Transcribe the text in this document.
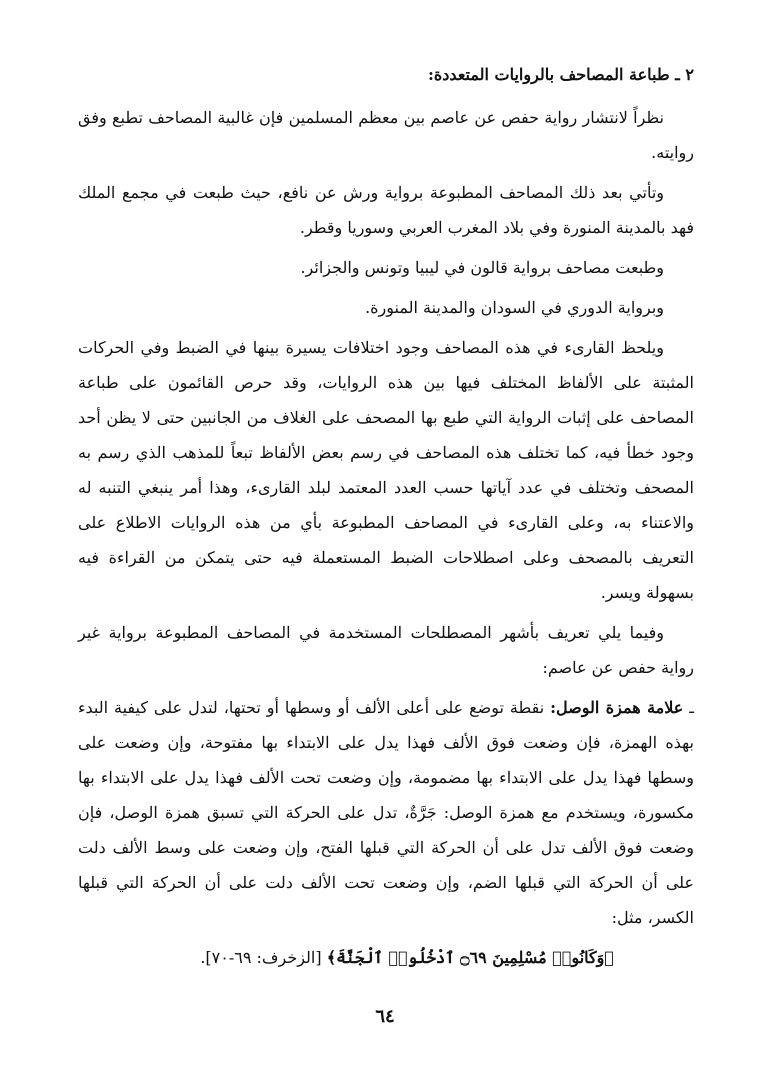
٢ ـ طباعة المصاحف بالروايات المتعددة:

نظراً لانتشار رواية حفص عن عاصم بين معظم المسلمين فإن غالبية المصاحف تطبع وفق روايته.

وتأتي بعد ذلك المصاحف المطبوعة برواية ورش عن نافع، حيث طبعت في مجمع الملك فهد بالمدينة المنورة وفي بلاد المغرب العربي وسوريا وقطر.

وطبعت مصاحف برواية قالون في ليبيا وتونس والجزائر.

وبرواية الدوري في السودان والمدينة المنورة.

ويلحظ القارىء في هذه المصاحف وجود اختلافات يسيرة بينها في الضبط وفي الحركات المثبتة على الألفاظ المختلف فيها بين هذه الروايات، وقد حرص القائمون على طباعة المصاحف على إثبات الرواية التي طبع بها المصحف على الغلاف من الجانبين حتى لا يظن أحد وجود خطأ فيه، كما تختلف هذه المصاحف في رسم بعض الألفاظ تبعاً للمذهب الذي رسم به المصحف وتختلف في عدد آياتها حسب العدد المعتمد لبلد القارىء، وهذا أمر ينبغي التنبه له والاعتناء به، وعلى القارىء في المصاحف المطبوعة بأي من هذه الروايات الاطلاع على التعريف بالمصحف وعلى اصطلاحات الضبط المستعملة فيه حتى يتمكن من القراءة فيه بسهولة ويسر.

وفيما يلي تعريف بأشهر المصطلحات المستخدمة في المصاحف المطبوعة برواية غير رواية حفص عن عاصم:

ـ علامة همزة الوصل: نقطة توضع على أعلى الألف أو وسطها أو تحتها، لتدل على كيفية البدء بهذه الهمزة، فإن وضعت فوق الألف فهذا يدل على الابتداء بها مفتوحة، وإن وضعت على وسطها فهذا يدل على الابتداء بها مضمومة، وإن وضعت تحت الألف فهذا يدل على الابتداء بها مكسورة، ويستخدم مع همزة الوصل: جَرَّةٌ، تدل على الحركة التي تسبق همزة الوصل، فإن وضعت فوق الألف تدل على أن الحركة التي قبلها الفتح، وإن وضعت على وسط الألف دلت على أن الحركة التي قبلها الضم، وإن وضعت تحت الألف دلت على أن الحركة التي قبلها الكسر، مثل:

﴿وَكَانُوا۟ مُسْلِمِينَ ۝٦٩ ٱدْخُلُوا۟ ٱلْجَنَّةَ﴾ [الزخرف: ٦٩-٧٠].

٦٤
